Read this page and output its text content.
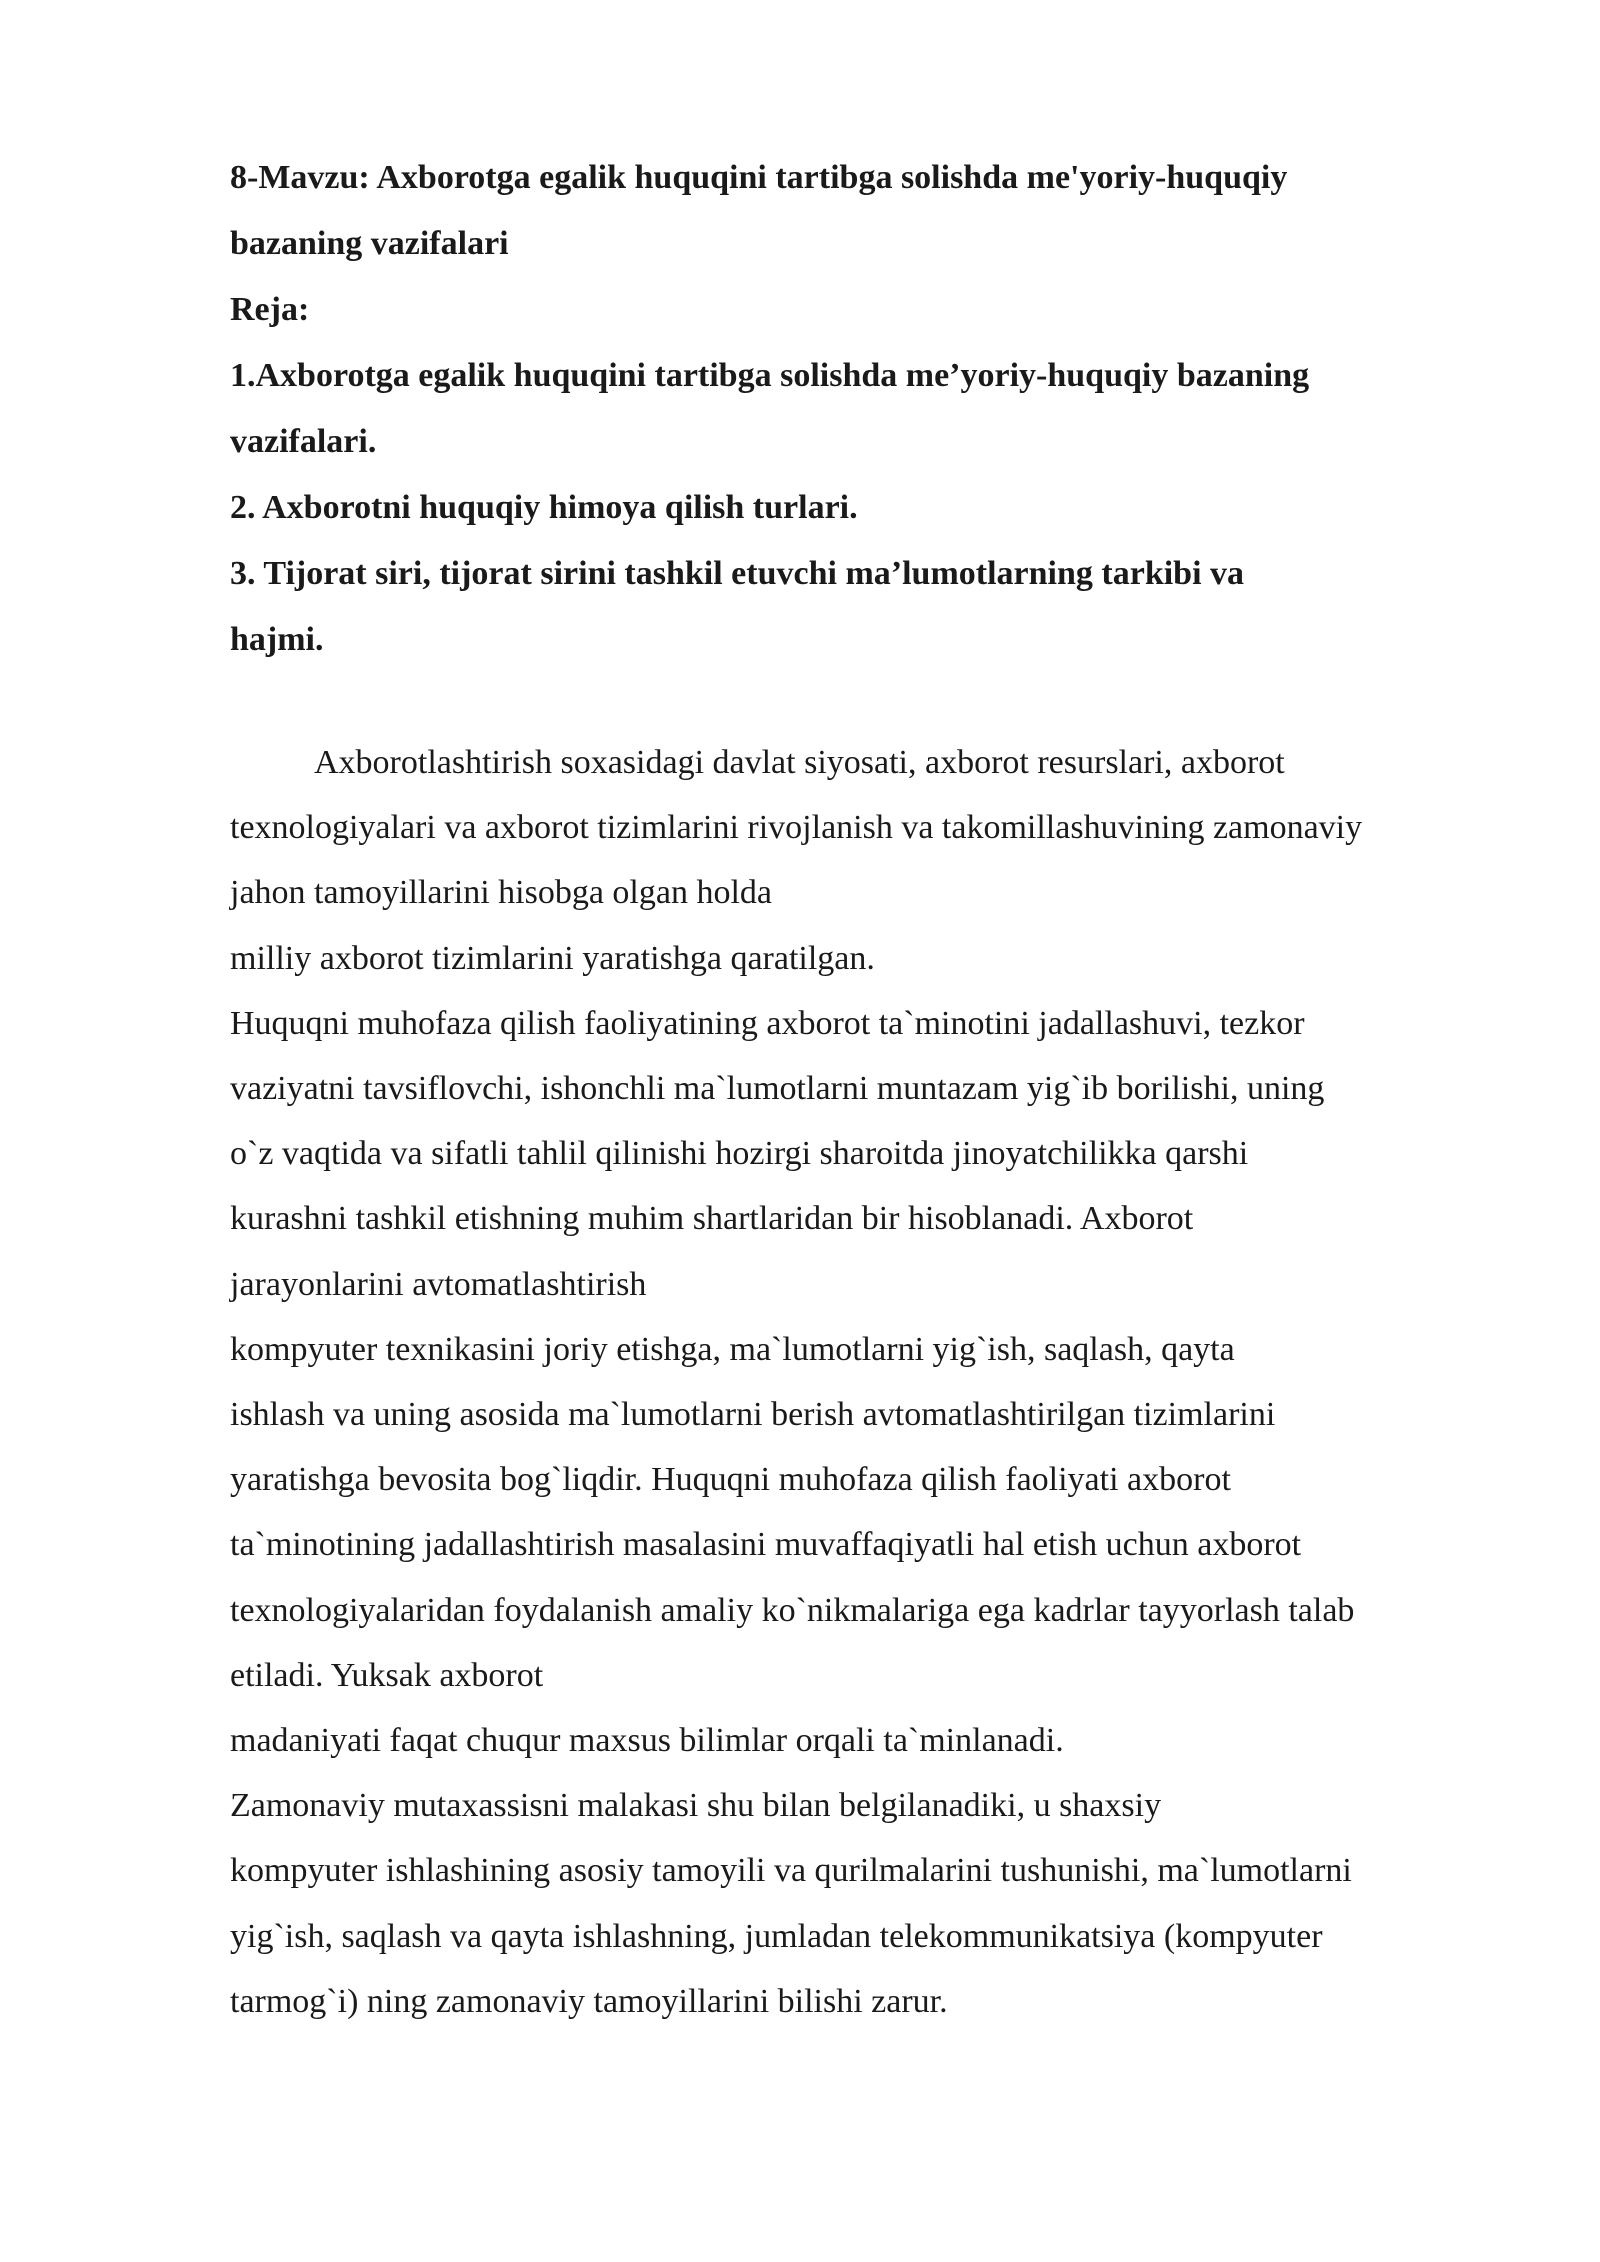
8-Mavzu: Axborotga egalik huquqini tartibga solishda me'yoriy-huquqiy
bazaning vazifalari
Reja:
1.Axborotga egalik huquqini tartibga solishda me’yoriy-huquqiy bazaning
vazifalari.
2. Axborotni huquqiy himoya qilish turlari.
3. Tijorat siri, tijorat sirini tashkil etuvchi ma’lumotlarning tarkibi va
hajmi.
Axborotlashtirish soxasidagi davlat siyosati, axborot resurslari, axborot
texnologiyalari va axborot tizimlarini rivojlanish va takomillashuvining zamonaviy
jahon tamoyillarini hisobga olgan holda
milliy axborot tizimlarini yaratishga qaratilgan.
Huquqni muhofaza qilish faoliyatining axborot ta`minotini jadallashuvi, tezkor
vaziyatni tavsiflovchi, ishonchli ma`lumotlarni muntazam yig`ib borilishi, uning
o`z vaqtida va sifatli tahlil qilinishi hozirgi sharoitda jinoyatchilikka qarshi
kurashni tashkil etishning muhim shartlaridan bir hisoblanadi. Axborot
jarayonlarini avtomatlashtirish
kompyuter texnikasini joriy etishga, ma`lumotlarni yig`ish, saqlash, qayta
ishlash va uning asosida ma`lumotlarni berish avtomatlashtirilgan tizimlarini
yaratishga bevosita bog`liqdir. Huquqni muhofaza qilish faoliyati axborot
ta`minotining jadallashtirish masalasini muvaffaqiyatli hal etish uchun axborot
texnologiyalaridan foydalanish amaliy ko`nikmalariga ega kadrlar tayyorlash talab
etiladi. Yuksak axborot
madaniyati faqat chuqur maxsus bilimlar orqali ta`minlanadi.
Zamonaviy mutaxassisni malakasi shu bilan belgilanadiki, u shaxsiy
kompyuter ishlashining asosiy tamoyili va qurilmalarini tushunishi, ma`lumotlarni
yig`ish, saqlash va qayta ishlashning, jumladan telekommunikatsiya (kompyuter
tarmog`i) ning zamonaviy tamoyillarini bilishi zarur.
